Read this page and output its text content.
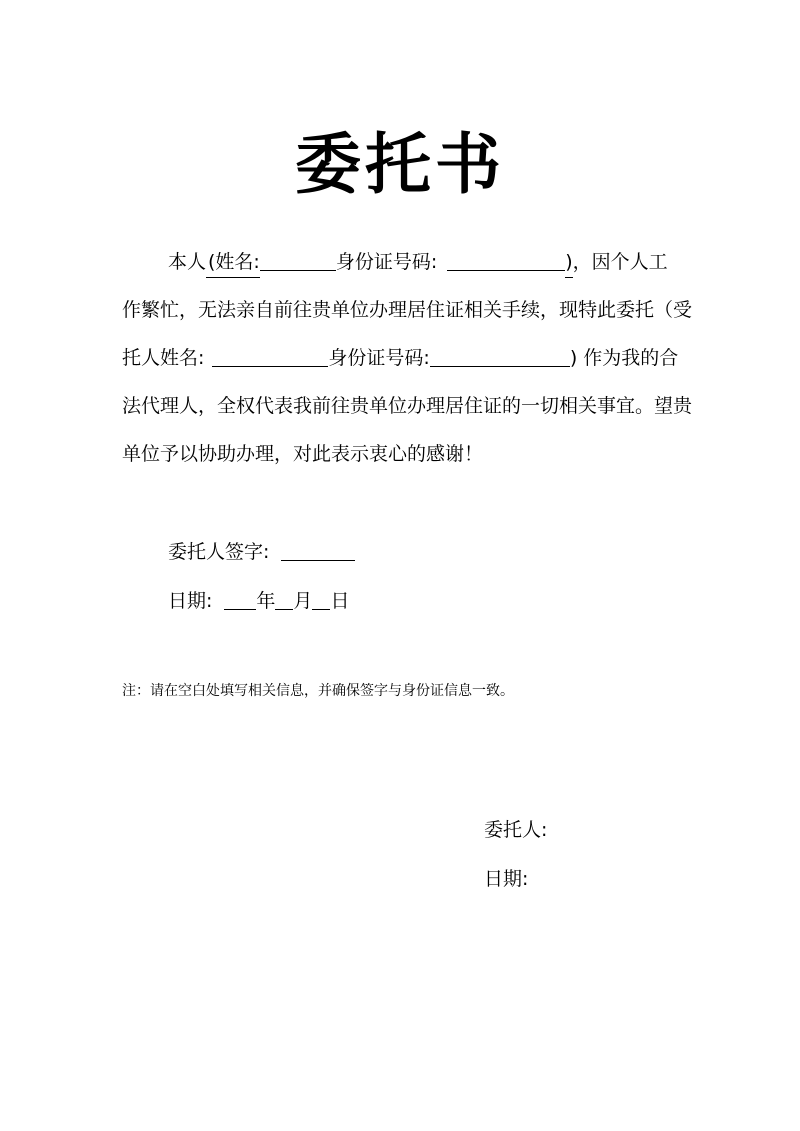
委托书
本人 (姓名:	身份证号码:	)，因个人工
作繁忙，无法亲自前往贵单位办理居住证相关手续，现特此委托（受
托人姓名:	身份证号码:	) 作为我的合
法代理人，全权代表我前往贵单位办理居住证的一切相关事宜。望贵
单位予以协助办理，对此表示衷心的感谢！
委托人签字:
日期: 年 月 日
注：请在空白处填写相关信息，并确保签字与身份证信息一致。
委托人:
日期:
